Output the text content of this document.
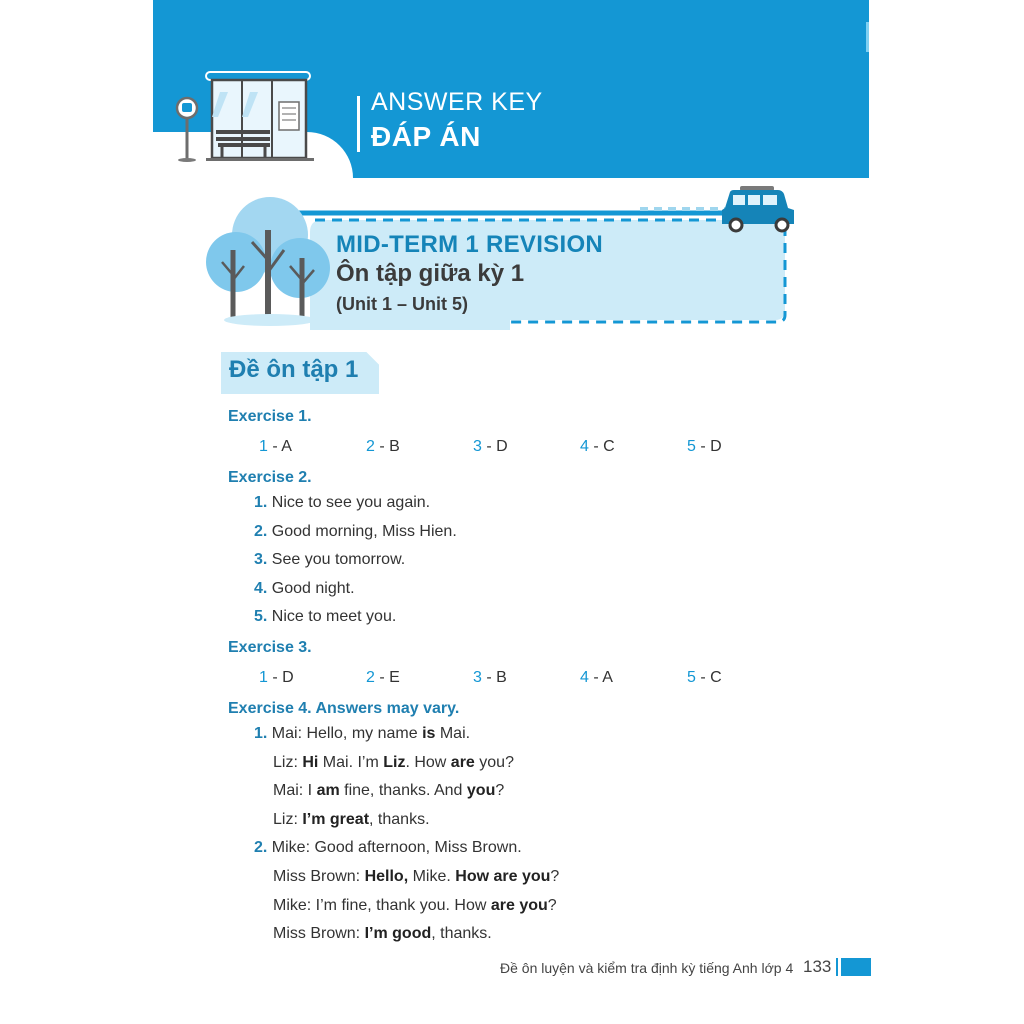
ANSWER KEY
ĐÁP ÁN
MID-TERM 1 REVISION
Ôn tập giữa kỳ 1
(Unit 1 – Unit 5)
Đề ôn tập 1
Exercise 1.
1 - A	2 - B	3 - D	4 - C	5 - D
Exercise 2.
1. Nice to see you again.
2. Good morning, Miss Hien.
3. See you tomorrow.
4. Good night.
5. Nice to meet you.
Exercise 3.
1 - D	2 - E	3 - B	4 - A	5 - C
Exercise 4. Answers may vary.
1. Mai: Hello, my name is Mai.
Liz: Hi Mai. I’m Liz. How are you?
Mai: I am fine, thanks. And you?
Liz: I’m great, thanks.
2. Mike: Good afternoon, Miss Brown.
Miss Brown: Hello, Mike. How are you?
Mike: I’m fine, thank you. How are you?
Miss Brown: I’m good, thanks.
Đề ôn luyện và kiểm tra định kỳ tiếng Anh lớp 4 133
